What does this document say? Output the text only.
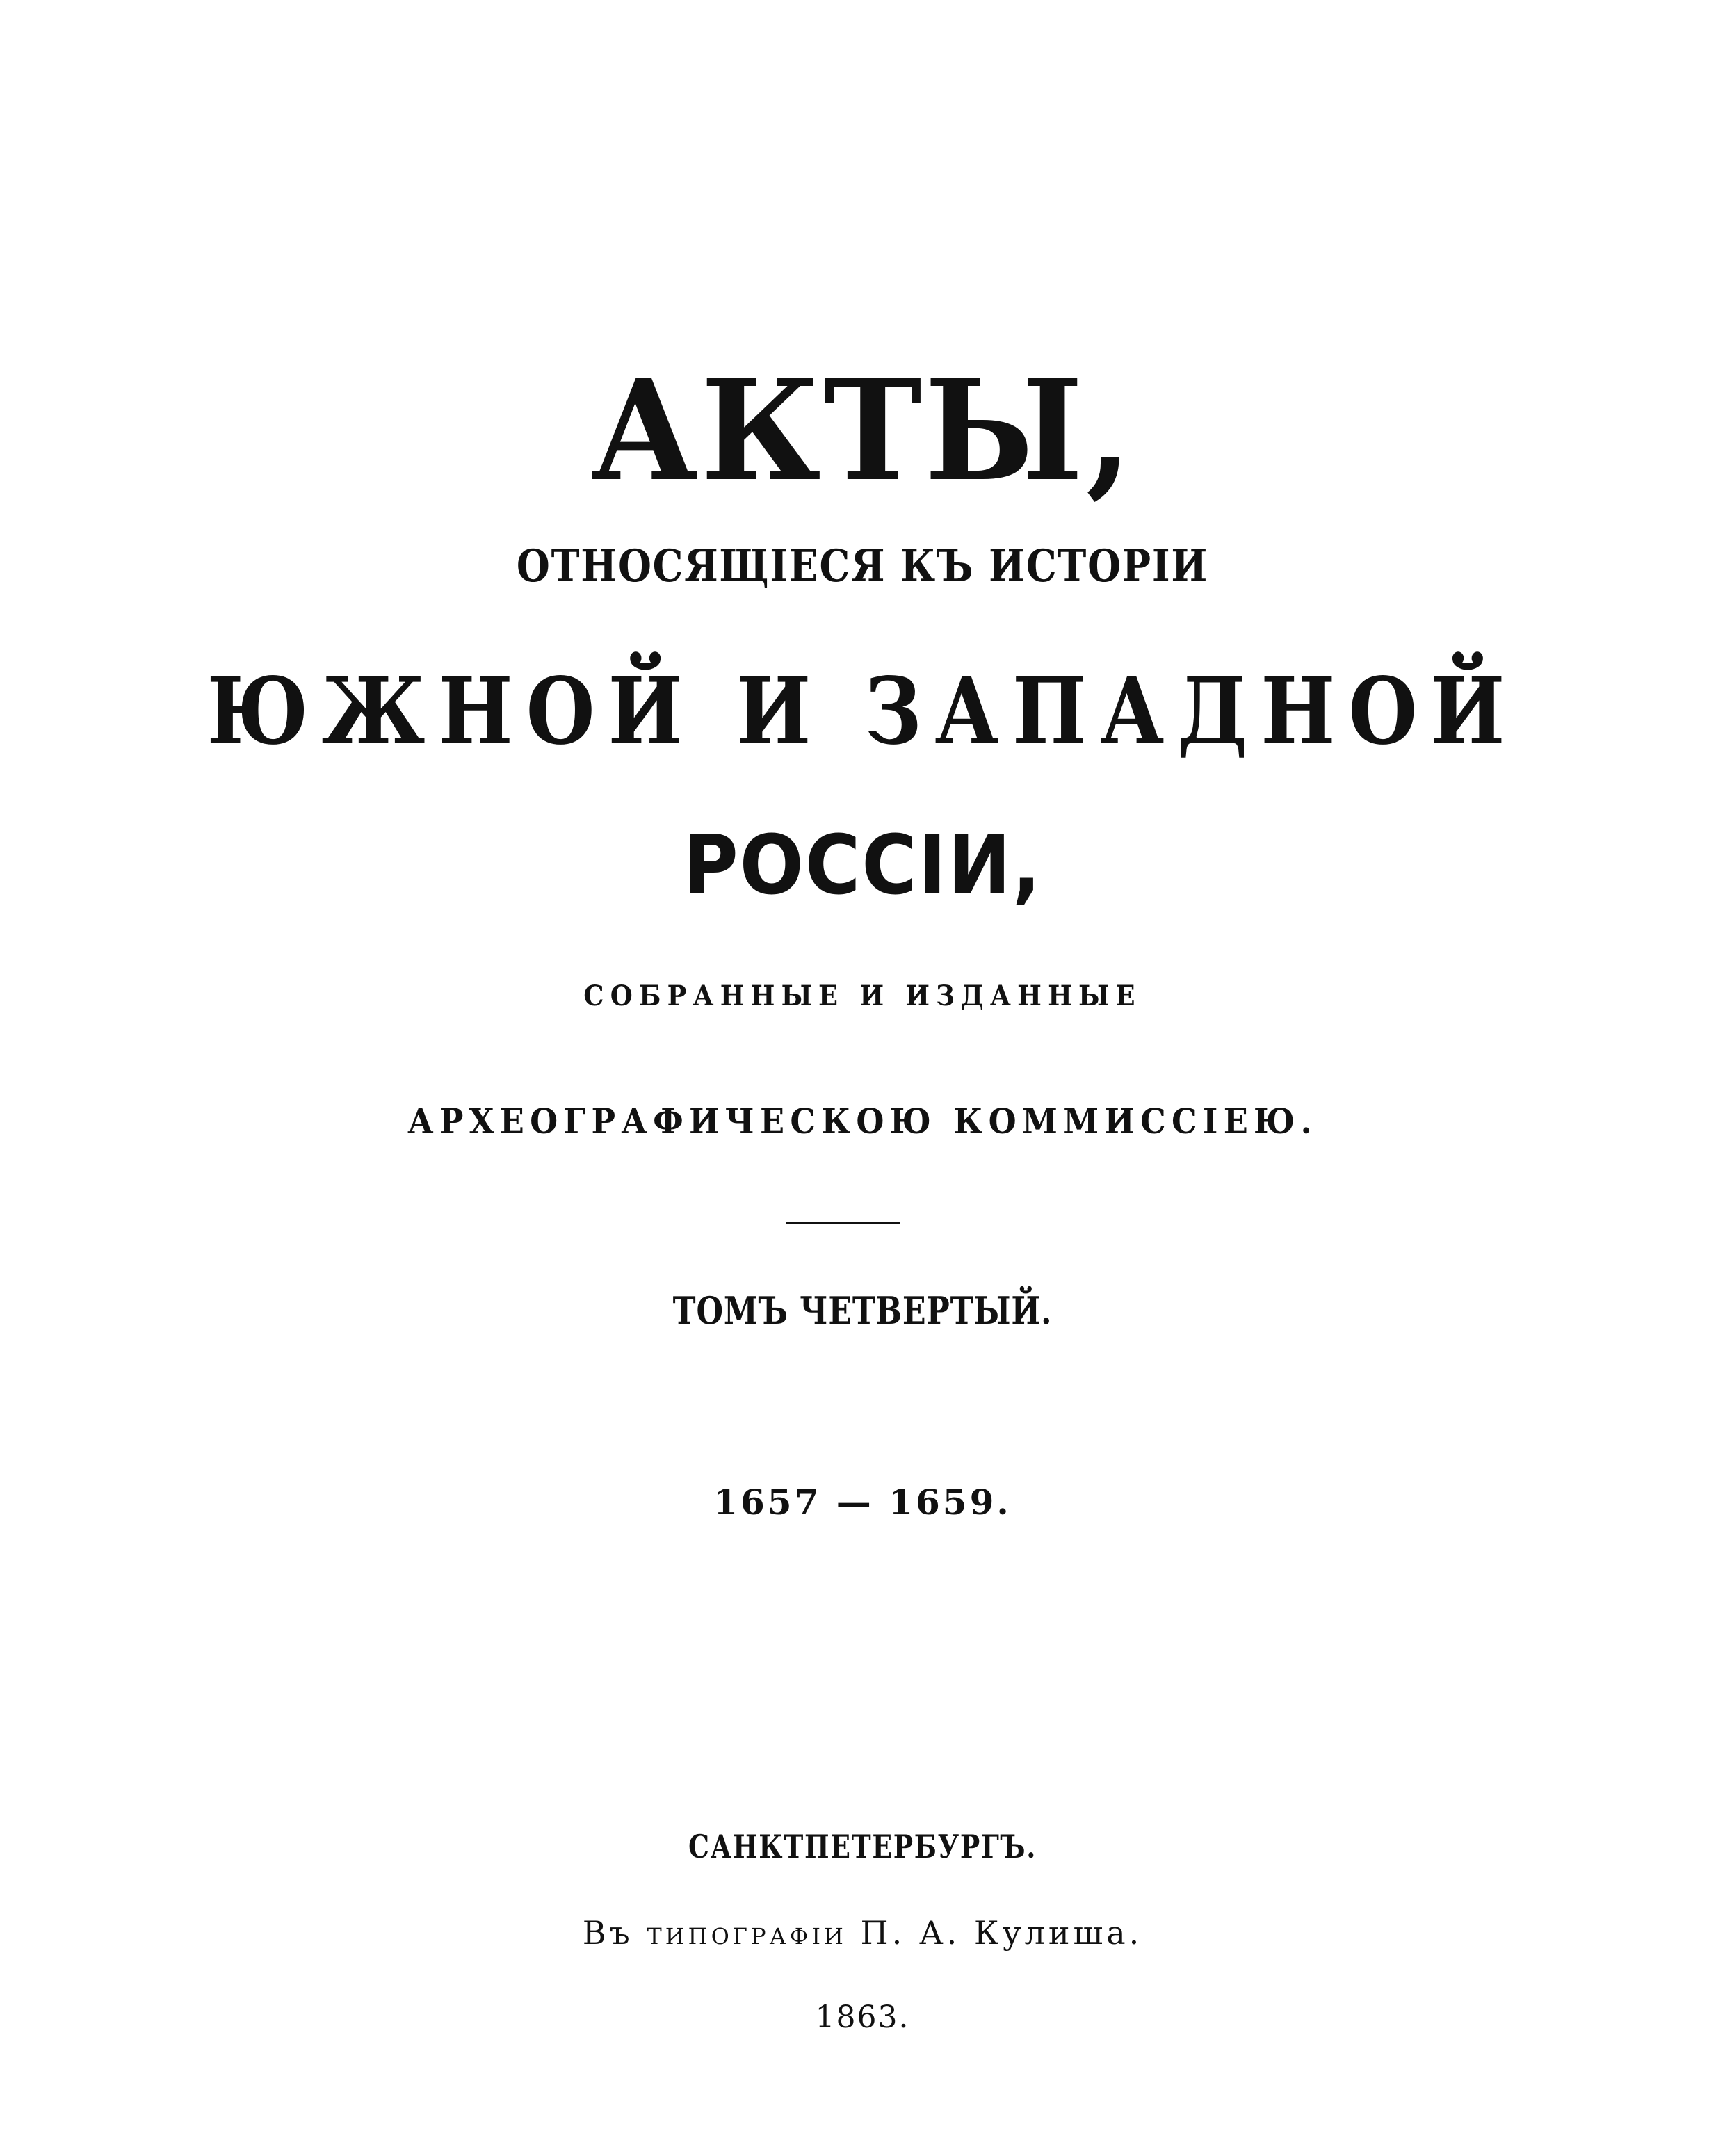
АКТЫ,
ОТНОСЯЩІЕСЯ КЪ ИСТОРІИ
ЮЖНОЙ И ЗАПАДНОЙ
РОССІИ,
СОБРАННЫЕ И ИЗДАННЫЕ
АРХЕОГРАФИЧЕСКОЮ КОММИССІЕЮ.
ТОМЪ ЧЕТВЕРТЫЙ.
1657 — 1659.
САНКТПЕТЕРБУРГЪ.
Въ типографіи П. А. Кулиша.
1863.
